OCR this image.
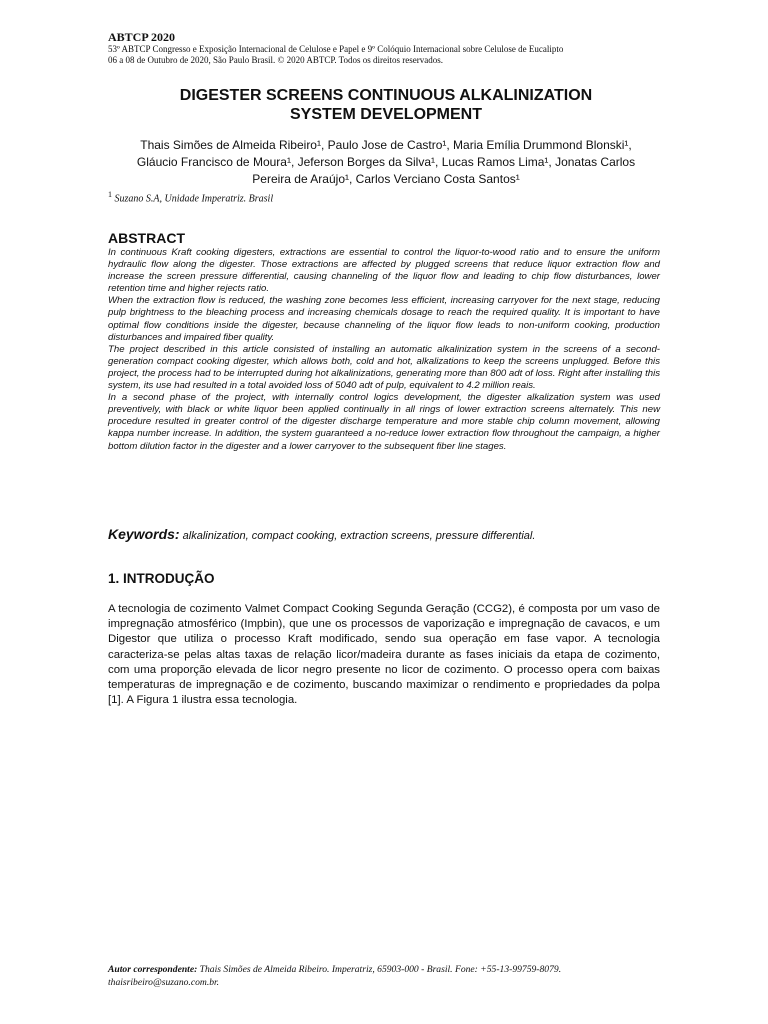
ABTCP 2020
53º ABTCP Congresso e Exposição Internacional de Celulose e Papel e 9º Colóquio Internacional sobre Celulose de Eucalipto
06 a 08 de Outubro de 2020, São Paulo Brasil. © 2020 ABTCP. Todos os direitos reservados.
DIGESTER SCREENS CONTINUOUS ALKALINIZATION
SYSTEM DEVELOPMENT
Thais Simões de Almeida Ribeiro¹, Paulo Jose de Castro¹, Maria Emília Drummond Blonski¹,
Gláucio Francisco de Moura¹, Jeferson Borges da Silva¹, Lucas Ramos Lima¹, Jonatas Carlos
Pereira de Araújo¹, Carlos Verciano Costa Santos¹
$^1$ Suzano S.A, Unidade Imperatriz. Brasil
ABSTRACT

In continuous Kraft cooking digesters, extractions are essential to control the liquor-to-wood ratio and to ensure the uniform hydraulic flow along the digester. Those extractions are affected by plugged screens that reduce liquor extraction flow and increase the screen pressure differential, causing channeling of the liquor flow and leading to chip flow disturbances, lower retention time and higher rejects ratio.

When the extraction flow is reduced, the washing zone becomes less efficient, increasing carryover for the next stage, reducing pulp brightness to the bleaching process and increasing chemicals dosage to reach the required quality. It is important to have optimal flow conditions inside the digester, because channeling of the liquor flow leads to non-uniform cooking, production disturbances and impaired fiber quality.

The project described in this article consisted of installing an automatic alkalinization system in the screens of a second-generation compact cooking digester, which allows both, cold and hot, alkalizations to keep the screens unplugged. Before this project, the process had to be interrupted during hot alkalinizations, generating more than 800 adt of loss. Right after installing this system, its use had resulted in a total avoided loss of 5040 adt of pulp, equivalent to 4.2 million reais.

In a second phase of the project, with internally control logics development, the digester alkalization system was used preventively, with black or white liquor been applied continually in all rings of lower extraction screens alternately. This new procedure resulted in greater control of the digester discharge temperature and more stable chip column movement, allowing kappa number increase. In addition, the system guaranteed a no-reduce lower extraction flow throughout the campaign, a higher bottom dilution factor in the digester and a lower carryover to the subsequent fiber line stages.

Keywords: alkalinization, compact cooking, extraction screens, pressure differential.
1. INTRODUÇÃO

A tecnologia de cozimento Valmet Compact Cooking Segunda Geração (CCG2), é composta por um vaso de impregnação atmosférico (Impbin), que une os processos de vaporização e impregnação de cavacos, e um Digestor que utiliza o processo Kraft modificado, sendo sua operação em fase vapor. A tecnologia caracteriza-se pelas altas taxas de relação licor/madeira durante as fases iniciais da etapa de cozimento, com uma proporção elevada de licor negro presente no licor de cozimento. O processo opera com baixas temperaturas de impregnação e de cozimento, buscando maximizar o rendimento e propriedades da polpa [1]. A Figura 1 ilustra essa tecnologia.

Autor correspondente: Thais Simões de Almeida Ribeiro. Imperatriz, 65903-000 - Brasil. Fone: +55-13-99759-8079. thaisribeiro@suzano.com.br.
